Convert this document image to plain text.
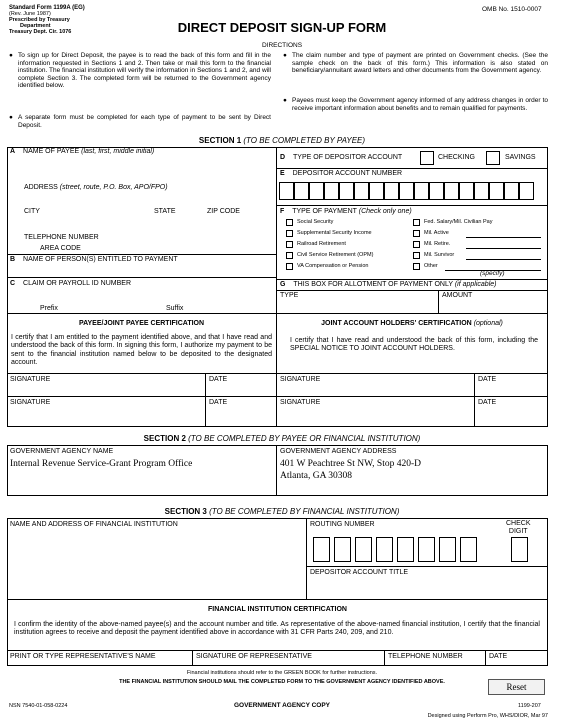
Standard Form 1199A (EG)
(Rev. June 1987)
Prescribed by Treasury
Department
Treasury Dept. Cir. 1076
OMB No. 1510-0007
DIRECT DEPOSIT SIGN-UP FORM
DIRECTIONS
● To sign up for Direct Deposit, the payee is to read the back of this form and fill in the information requested in Sections 1 and 2. Then take or mail this form to the financial institution. The financial institution will verify the information in Sections 1 and 2, and will complete Section 3. The completed form will be returned to the Government agency identified below.
● A separate form must be completed for each type of payment to be sent by Direct Deposit.
● The claim number and type of payment are printed on Government checks. (See the sample check on the back of this form.) This information is also stated on beneficiary/annuitant award letters and other documents from the Government agency.
● Payees must keep the Government agency informed of any address changes in order to receive important information about benefits and to remain qualified for payments.
SECTION 1 (TO BE COMPLETED BY PAYEE)
A NAME OF PAYEE (last, first, middle initial)
ADDRESS (street, route, P.O. Box, APO/FPO)
CITY	STATE	ZIP CODE
TELEPHONE NUMBER
AREA CODE
B NAME OF PERSON(S) ENTITLED TO PAYMENT
C CLAIM OR PAYROLL ID NUMBER
Prefix	Suffix
D TYPE OF DEPOSITOR ACCOUNT	CHECKING	SAVINGS
E DEPOSITOR ACCOUNT NUMBER
F TYPE OF PAYMENT (Check only one)
Social Security
Supplemental Security Income
Railroad Retirement
Civil Service Retirement (OPM)
VA Compensation or Pension
Fed. Salary/Mil. Civilian Pay
Mil. Active
Mil. Retire.
Mil. Survivor
Other
(specify)
G THIS BOX FOR ALLOTMENT OF PAYMENT ONLY (if applicable)
TYPE	AMOUNT
PAYEE/JOINT PAYEE CERTIFICATION
I certify that I am entitled to the payment identified above, and that I have read and understood the back of this form. In signing this form, I authorize my payment to be sent to the financial institution named below to be deposited to the designated account.
JOINT ACCOUNT HOLDERS' CERTIFICATION (optional)
I certify that I have read and understood the back of this form, including the SPECIAL NOTICE TO JOINT ACCOUNT HOLDERS.
SIGNATURE	DATE	SIGNATURE	DATE
SIGNATURE	DATE	SIGNATURE	DATE
SECTION 2 (TO BE COMPLETED BY PAYEE OR FINANCIAL INSTITUTION)
GOVERNMENT AGENCY NAME
Internal Revenue Service-Grant Program Office
GOVERNMENT AGENCY ADDRESS
401 W Peachtree St NW, Stop 420-D
Atlanta, GA 30308
SECTION 3 (TO BE COMPLETED BY FINANCIAL INSTITUTION)
NAME AND ADDRESS OF FINANCIAL INSTITUTION	ROUTING NUMBER	CHECK
DIGIT
DEPOSITOR ACCOUNT TITLE
FINANCIAL INSTITUTION CERTIFICATION
I confirm the identity of the above-named payee(s) and the account number and title. As representative of the above-named financial institution, I certify that the financial institution agrees to receive and deposit the payment identified above in accordance with 31 CFR Parts 240, 209, and 210.
PRINT OR TYPE REPRESENTATIVE'S NAME	SIGNATURE OF REPRESENTATIVE	TELEPHONE NUMBER	DATE
Financial institutions should refer to the GREEN BOOK for further instructions.
THE FINANCIAL INSTITUTION SHOULD MAIL THE COMPLETED FORM TO THE GOVERNMENT AGENCY IDENTIFIED ABOVE.	Reset
NSN 7540-01-058-0224	GOVERNMENT AGENCY COPY	1199-207
Designed using Perform Pro, WHS/DIOR, Mar 97
